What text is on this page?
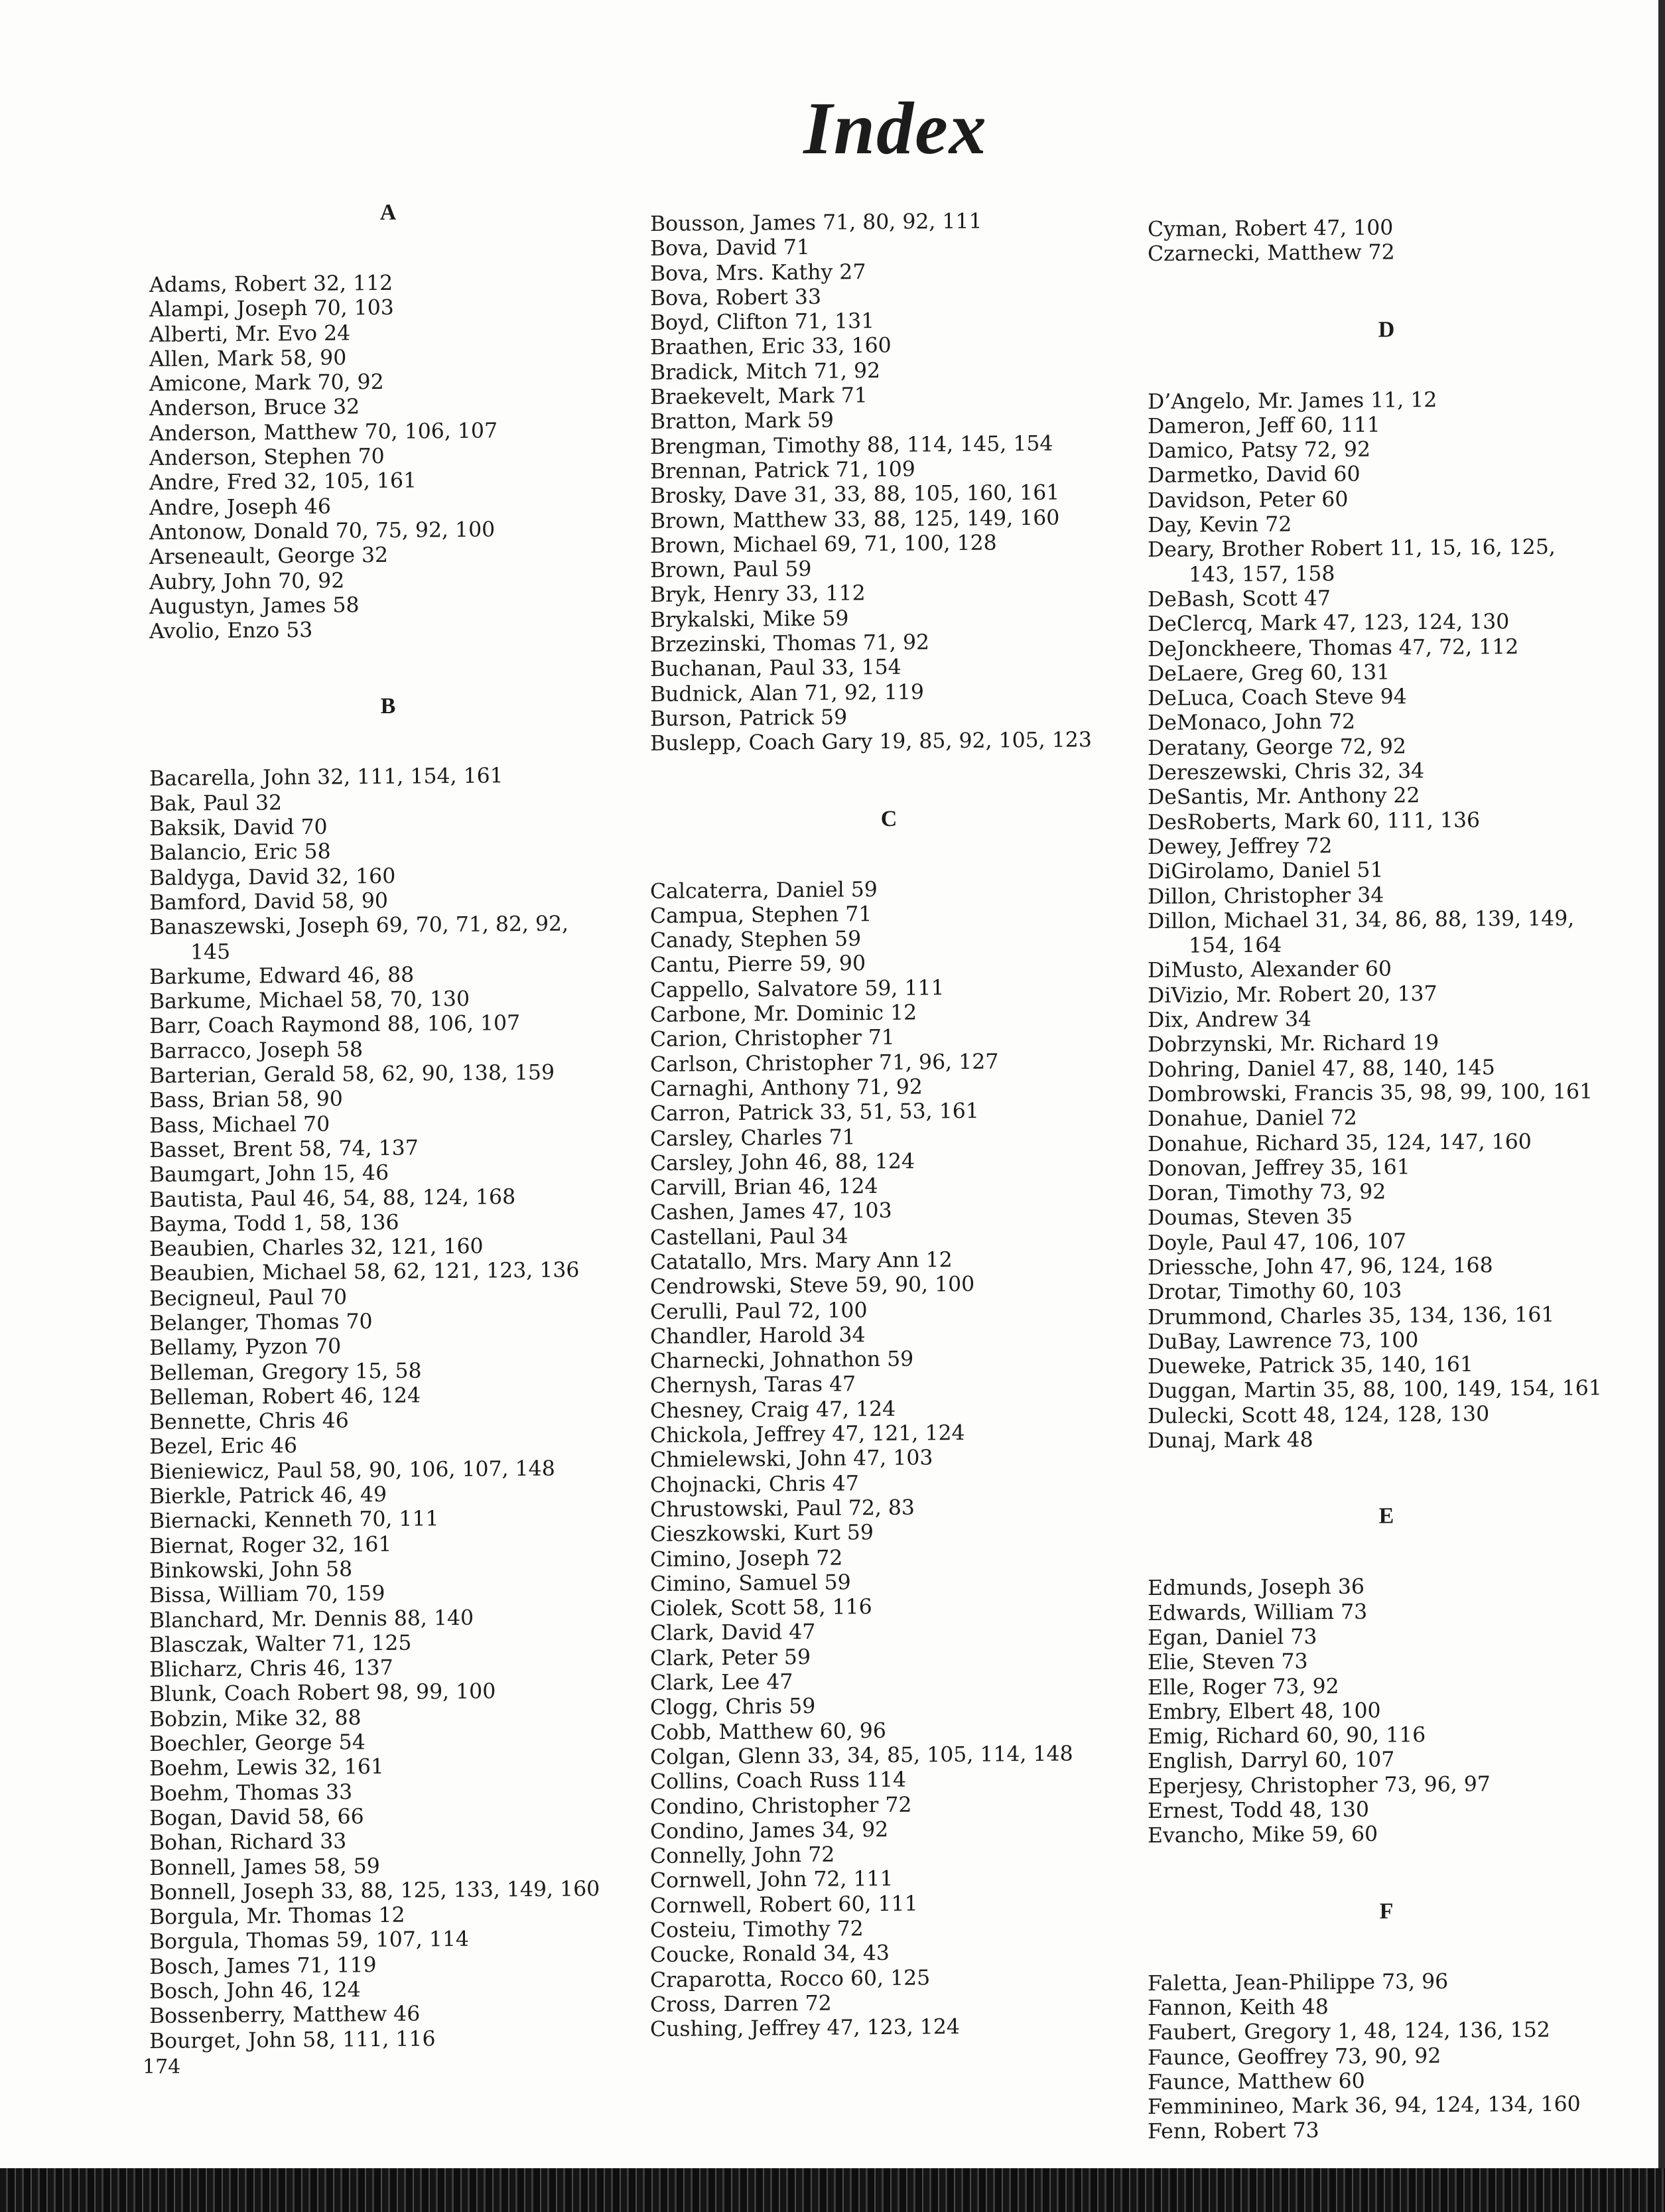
Index
A
Adams, Robert 32, 112
Alampi, Joseph 70, 103
Alberti, Mr. Evo 24
Allen, Mark 58, 90
Amicone, Mark 70, 92
Anderson, Bruce 32
Anderson, Matthew 70, 106, 107
Anderson, Stephen 70
Andre, Fred 32, 105, 161
Andre, Joseph 46
Antonow, Donald 70, 75, 92, 100
Arseneault, George 32
Aubry, John 70, 92
Augustyn, James 58
Avolio, Enzo 53
B
Bacarella, John 32, 111, 154, 161
Bak, Paul 32
Baksik, David 70
Balancio, Eric 58
Baldyga, David 32, 160
Bamford, David 58, 90
Banaszewski, Joseph 69, 70, 71, 82, 92,
145
Barkume, Edward 46, 88
Barkume, Michael 58, 70, 130
Barr, Coach Raymond 88, 106, 107
Barracco, Joseph 58
Barterian, Gerald 58, 62, 90, 138, 159
Bass, Brian 58, 90
Bass, Michael 70
Basset, Brent 58, 74, 137
Baumgart, John 15, 46
Bautista, Paul 46, 54, 88, 124, 168
Bayma, Todd 1, 58, 136
Beaubien, Charles 32, 121, 160
Beaubien, Michael 58, 62, 121, 123, 136
Becigneul, Paul 70
Belanger, Thomas 70
Bellamy, Pyzon 70
Belleman, Gregory 15, 58
Belleman, Robert 46, 124
Bennette, Chris 46
Bezel, Eric 46
Bieniewicz, Paul 58, 90, 106, 107, 148
Bierkle, Patrick 46, 49
Biernacki, Kenneth 70, 111
Biernat, Roger 32, 161
Binkowski, John 58
Bissa, William 70, 159
Blanchard, Mr. Dennis 88, 140
Blasczak, Walter 71, 125
Blicharz, Chris 46, 137
Blunk, Coach Robert 98, 99, 100
Bobzin, Mike 32, 88
Boechler, George 54
Boehm, Lewis 32, 161
Boehm, Thomas 33
Bogan, David 58, 66
Bohan, Richard 33
Bonnell, James 58, 59
Bonnell, Joseph 33, 88, 125, 133, 149, 160
Borgula, Mr. Thomas 12
Borgula, Thomas 59, 107, 114
Bosch, James 71, 119
Bosch, John 46, 124
Bossenberry, Matthew 46
Bourget, John 58, 111, 116
Bousson, James 71, 80, 92, 111
Bova, David 71
Bova, Mrs. Kathy 27
Bova, Robert 33
Boyd, Clifton 71, 131
Braathen, Eric 33, 160
Bradick, Mitch 71, 92
Braekevelt, Mark 71
Bratton, Mark 59
Brengman, Timothy 88, 114, 145, 154
Brennan, Patrick 71, 109
Brosky, Dave 31, 33, 88, 105, 160, 161
Brown, Matthew 33, 88, 125, 149, 160
Brown, Michael 69, 71, 100, 128
Brown, Paul 59
Bryk, Henry 33, 112
Brykalski, Mike 59
Brzezinski, Thomas 71, 92
Buchanan, Paul 33, 154
Budnick, Alan 71, 92, 119
Burson, Patrick 59
Buslepp, Coach Gary 19, 85, 92, 105, 123
C
Calcaterra, Daniel 59
Campua, Stephen 71
Canady, Stephen 59
Cantu, Pierre 59, 90
Cappello, Salvatore 59, 111
Carbone, Mr. Dominic 12
Carion, Christopher 71
Carlson, Christopher 71, 96, 127
Carnaghi, Anthony 71, 92
Carron, Patrick 33, 51, 53, 161
Carsley, Charles 71
Carsley, John 46, 88, 124
Carvill, Brian 46, 124
Cashen, James 47, 103
Castellani, Paul 34
Catatallo, Mrs. Mary Ann 12
Cendrowski, Steve 59, 90, 100
Cerulli, Paul 72, 100
Chandler, Harold 34
Charnecki, Johnathon 59
Chernysh, Taras 47
Chesney, Craig 47, 124
Chickola, Jeffrey 47, 121, 124
Chmielewski, John 47, 103
Chojnacki, Chris 47
Chrustowski, Paul 72, 83
Cieszkowski, Kurt 59
Cimino, Joseph 72
Cimino, Samuel 59
Ciolek, Scott 58, 116
Clark, David 47
Clark, Peter 59
Clark, Lee 47
Clogg, Chris 59
Cobb, Matthew 60, 96
Colgan, Glenn 33, 34, 85, 105, 114, 148
Collins, Coach Russ 114
Condino, Christopher 72
Condino, James 34, 92
Connelly, John 72
Cornwell, John 72, 111
Cornwell, Robert 60, 111
Costeiu, Timothy 72
Coucke, Ronald 34, 43
Craparotta, Rocco 60, 125
Cross, Darren 72
Cushing, Jeffrey 47, 123, 124
Cyman, Robert 47, 100
Czarnecki, Matthew 72
D
D’Angelo, Mr. James 11, 12
Dameron, Jeff 60, 111
Damico, Patsy 72, 92
Darmetko, David 60
Davidson, Peter 60
Day, Kevin 72
Deary, Brother Robert 11, 15, 16, 125,
143, 157, 158
DeBash, Scott 47
DeClercq, Mark 47, 123, 124, 130
DeJonckheere, Thomas 47, 72, 112
DeLaere, Greg 60, 131
DeLuca, Coach Steve 94
DeMonaco, John 72
Deratany, George 72, 92
Dereszewski, Chris 32, 34
DeSantis, Mr. Anthony 22
DesRoberts, Mark 60, 111, 136
Dewey, Jeffrey 72
DiGirolamo, Daniel 51
Dillon, Christopher 34
Dillon, Michael 31, 34, 86, 88, 139, 149,
154, 164
DiMusto, Alexander 60
DiVizio, Mr. Robert 20, 137
Dix, Andrew 34
Dobrzynski, Mr. Richard 19
Dohring, Daniel 47, 88, 140, 145
Dombrowski, Francis 35, 98, 99, 100, 161
Donahue, Daniel 72
Donahue, Richard 35, 124, 147, 160
Donovan, Jeffrey 35, 161
Doran, Timothy 73, 92
Doumas, Steven 35
Doyle, Paul 47, 106, 107
Driessche, John 47, 96, 124, 168
Drotar, Timothy 60, 103
Drummond, Charles 35, 134, 136, 161
DuBay, Lawrence 73, 100
Dueweke, Patrick 35, 140, 161
Duggan, Martin 35, 88, 100, 149, 154, 161
Dulecki, Scott 48, 124, 128, 130
Dunaj, Mark 48
E
Edmunds, Joseph 36
Edwards, William 73
Egan, Daniel 73
Elie, Steven 73
Elle, Roger 73, 92
Embry, Elbert 48, 100
Emig, Richard 60, 90, 116
English, Darryl 60, 107
Eperjesy, Christopher 73, 96, 97
Ernest, Todd 48, 130
Evancho, Mike 59, 60
F
Faletta, Jean-Philippe 73, 96
Fannon, Keith 48
Faubert, Gregory 1, 48, 124, 136, 152
Faunce, Geoffrey 73, 90, 92
Faunce, Matthew 60
Femminineo, Mark 36, 94, 124, 134, 160
Fenn, Robert 73
174
